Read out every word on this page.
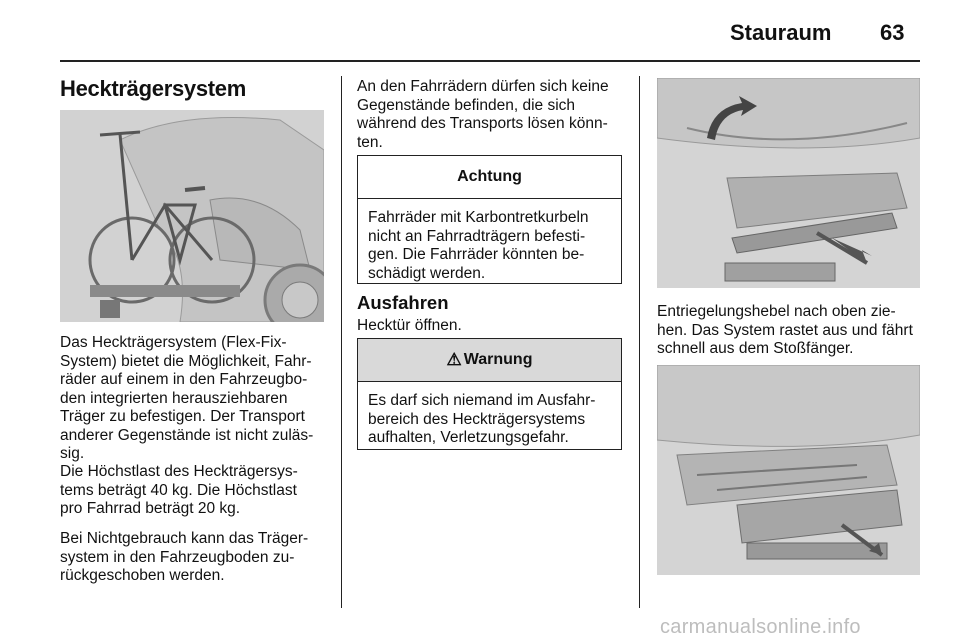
Stauraum 63
Heckträgersystem

Das Heckträgersystem (Flex-Fix-
System) bietet die Möglichkeit, Fahr-
räder auf einem in den Fahrzeugbo-
den integrierten herausziehbaren
Träger zu befestigen. Der Transport
anderer Gegenstände ist nicht zuläs-
sig.

Die Höchstlast des Heckträgersys-
tems beträgt 40 kg. Die Höchstlast
pro Fahrrad beträgt 20 kg.

Bei Nichtgebrauch kann das Träger-
system in den Fahrzeugboden zu-
rückgeschoben werden.

An den Fahrrädern dürfen sich keine
Gegenstände befinden, die sich
während des Transports lösen könn-
ten.

Achtung
Fahrräder mit Karbontretkurbeln
nicht an Fahrradträgern befesti-
gen. Die Fahrräder könnten be-
schädigt werden.
Ausfahren

Hecktür öffnen.

⚠ Warnung
Es darf sich niemand im Ausfahr-
bereich des Heckträgersystems
aufhalten, Verletzungsgefahr.

Entriegelungshebel nach oben zie-
hen. Das System rastet aus und fährt
schnell aus dem Stoßfänger.

carmanualsonline.info
